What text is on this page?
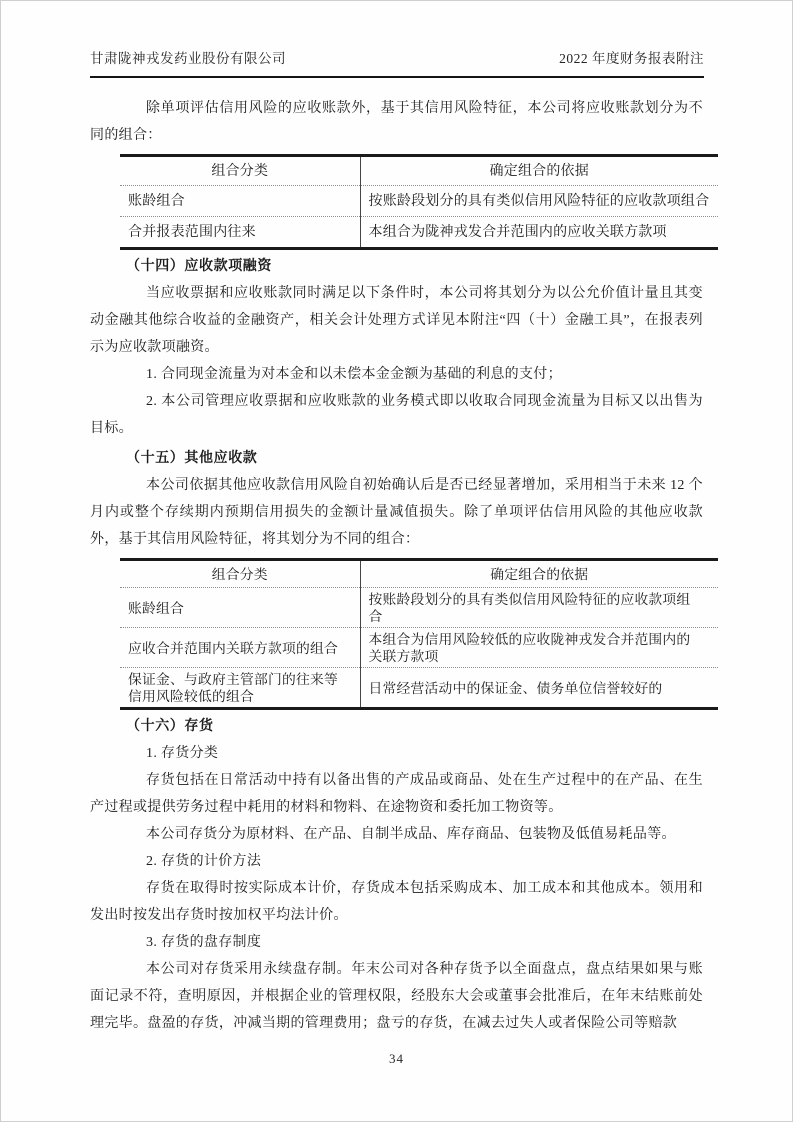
甘肃陇神戎发药业股份有限公司	2022 年度财务报表附注

除单项评估信用风险的应收账款外，基于其信用风险特征，本公司将应收账款划分为不同的组合：

组合分类	确定组合的依据
账龄组合	按账龄段划分的具有类似信用风险特征的应收款项组合
合并报表范围内往来	本组合为陇神戎发合并范围内的应收关联方款项

（十四）应收款项融资

当应收票据和应收账款同时满足以下条件时，本公司将其划分为以公允价值计量且其变动金融其他综合收益的金融资产，相关会计处理方式详见本附注“四（十）金融工具”，在报表列示为应收款项融资。

1. 合同现金流量为对本金和以未偿本金金额为基础的利息的支付；

2. 本公司管理应收票据和应收账款的业务模式即以收取合同现金流量为目标又以出售为目标。

（十五）其他应收款

本公司依据其他应收款信用风险自初始确认后是否已经显著增加，采用相当于未来 12 个月内或整个存续期内预期信用损失的金额计量减值损失。除了单项评估信用风险的其他应收款外，基于其信用风险特征，将其划分为不同的组合：

组合分类	确定组合的依据
账龄组合	按账龄段划分的具有类似信用风险特征的应收款项组合
应收合并范围内关联方款项的组合	本组合为信用风险较低的应收陇神戎发合并范围内的关联方款项
保证金、与政府主管部门的往来等信用风险较低的组合	日常经营活动中的保证金、债务单位信誉较好的

（十六）存货

1. 存货分类

存货包括在日常活动中持有以备出售的产成品或商品、处在生产过程中的在产品、在生产过程或提供劳务过程中耗用的材料和物料、在途物资和委托加工物资等。

本公司存货分为原材料、在产品、自制半成品、库存商品、包装物及低值易耗品等。

2. 存货的计价方法

存货在取得时按实际成本计价，存货成本包括采购成本、加工成本和其他成本。领用和发出时按发出存货时按加权平均法计价。

3. 存货的盘存制度

本公司对存货采用永续盘存制。年末公司对各种存货予以全面盘点，盘点结果如果与账面记录不符，查明原因，并根据企业的管理权限，经股东大会或董事会批准后，在年末结账前处理完毕。盘盈的存货，冲减当期的管理费用；盘亏的存货，在减去过失人或者保险公司等赔款

34
